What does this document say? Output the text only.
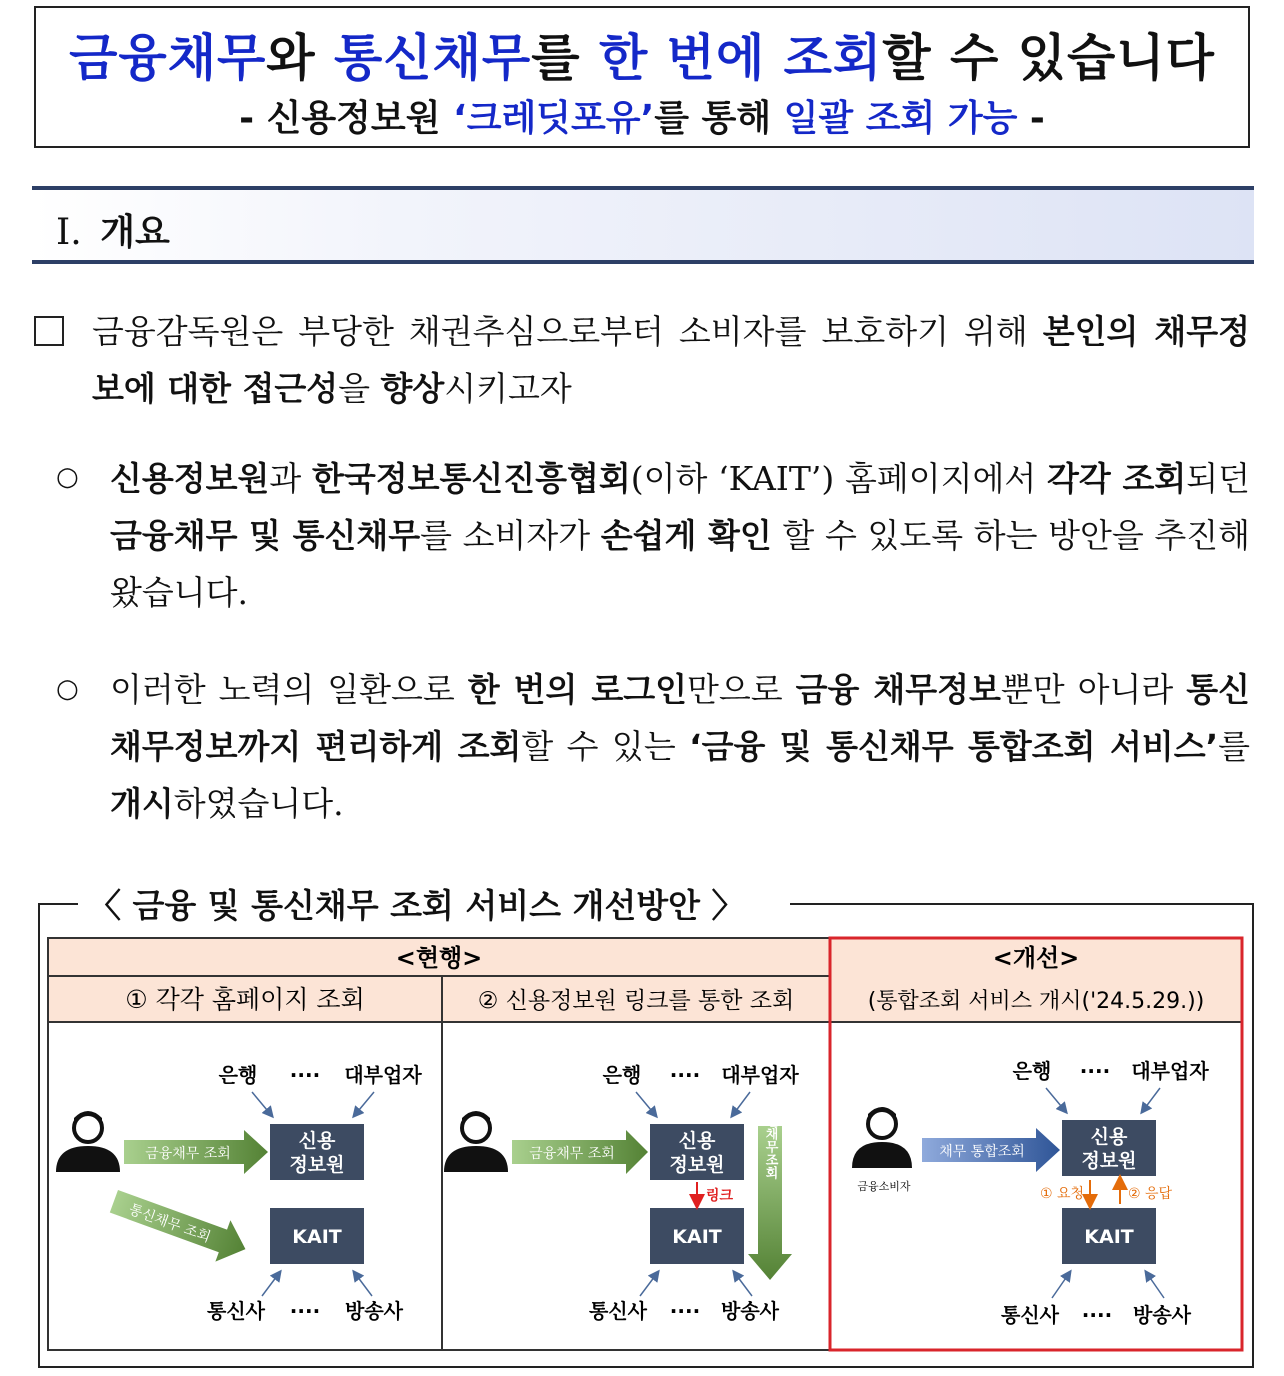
금융채무와 통신채무를 한 번에 조회할 수 있습니다
- 신용정보원 ‘크레딧포유’를 통해 일괄 조회 가능 -
Ⅰ. 개요
금융감독원은 부당한 채권추심으로부터 소비자를 보호하기 위해 본인의 채무정보에 대한 접근성을 향상시키고자
○ 신용정보원과 한국정보통신진흥협회(이하 ‘KAIT’) 홈페이지에서 각각 조회되던 금융채무 및 통신채무를 소비자가 손쉽게 확인 할 수 있도록 하는 방안을 추진해 왔습니다.
○ 이러한 노력의 일환으로 한 번의 로그인만으로 금융 채무정보뿐만 아니라 통신 채무정보까지 편리하게 조회할 수 있는 ‘금융 및 통신채무 통합조회 서비스’를 개시하였습니다.
〈 금융 및 통신채무 조회 서비스 개선방안 〉
<현행>
① 각각 홈페이지 조회	② 신용정보원 링크를 통한 조회
<개선>
(통합조회 서비스 개시('24.5.29.))
은행 ···· 대부업자
신용
정보원
KAIT
금융채무 조회
통신채무 조회
통신사 ···· 방송사
은행 ···· 대부업자
신용
정보원
KAIT
금융채무 조회
링크
통신채무조회
통신사 ···· 방송사
금융소비자
은행 ···· 대부업자
신용
정보원
KAIT
채무 통합조회
① 요청	② 응답
통신사 ···· 방송사
